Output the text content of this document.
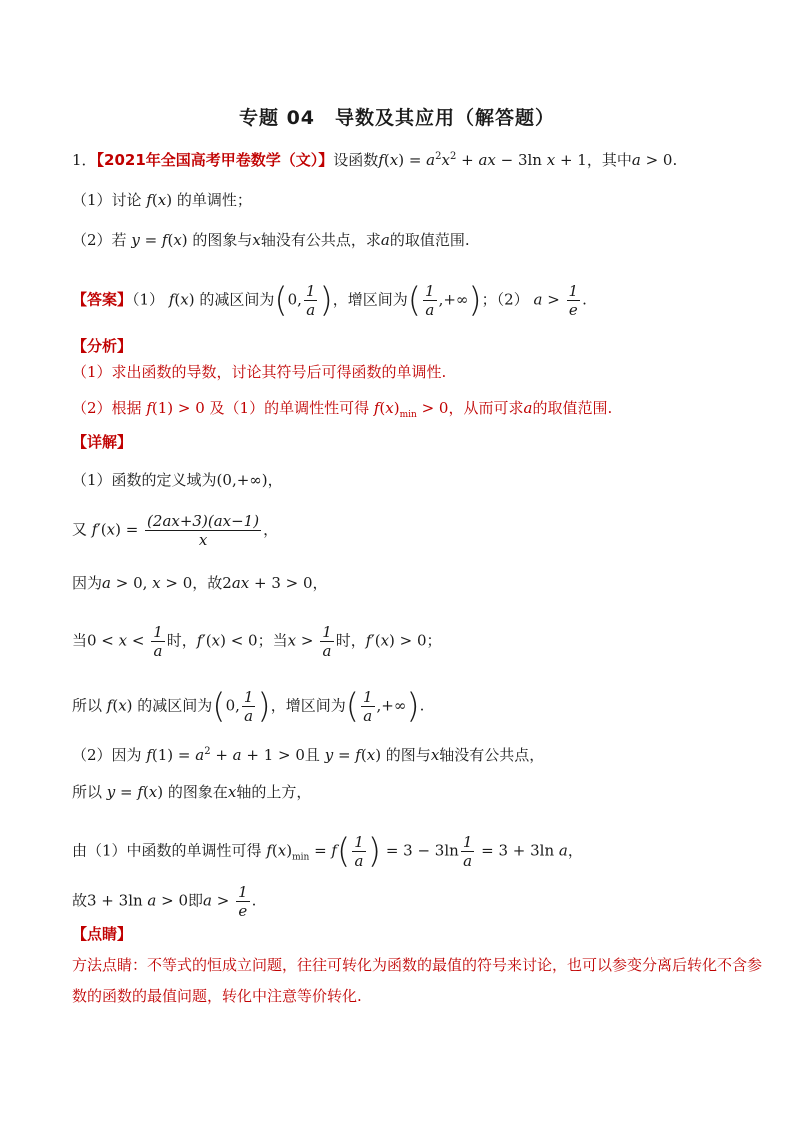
专题 04　导数及其应用（解答题）
1．【2021年全国高考甲卷数学（文）】设函数$f(x) = a^2x^2$ + ax − 3ln x + 1，其中a > 0.
（1）讨论 f(x) 的单调性；
（2）若 y = f(x) 的图象与x轴没有公共点，求a的取值范围.
【答案】（1） f(x) 的减区间为(0, $\frac{1}{a}$ )，增区间为( $\frac{1}{a}$ ,+∞)；（2） $a > \frac{1}{e}$ .
【分析】
（1）求出函数的导数，讨论其符号后可得函数的单调性.
（2）根据 f(1) > 0 及（1）的单调性性可得 $f(x)_{min} > 0$，从而可求a的取值范围.
【详解】
（1）函数的定义域为(0,+∞)，
又 $f'(x) = \frac{(2ax+3)(ax-1)}{x}$ ，
因为a > 0, x > 0，故2ax + 3 > 0，
当$0 < x < \frac{1}{a}$ 时，f′(x) < 0；当$x > \frac{1}{a}$ 时，f′(x) > 0；
所以 f(x) 的减区间为(0, $\frac{1}{a}$ )，增区间为( $\frac{1}{a}$ ,+∞).
（2）因为 $f(1) = a^2 + a + 1 > 0$且 y = f(x) 的图与x轴没有公共点，
所以 y = f(x) 的图象在x轴的上方，
由（1）中函数的单调性可得 $f(x)_{min} = f( \frac{1}{a}$ ) = $3 - 3\ln \frac{1}{a} = 3 + 3\ln$ a，
故3 + 3ln a > 0即$a > \frac{1}{e}$ .
【点睛】
方法点睛：不等式的恒成立问题，往往可转化为函数的最值的符号来讨论，也可以参变分离后转化不含参
数的函数的最值问题，转化中注意等价转化.
